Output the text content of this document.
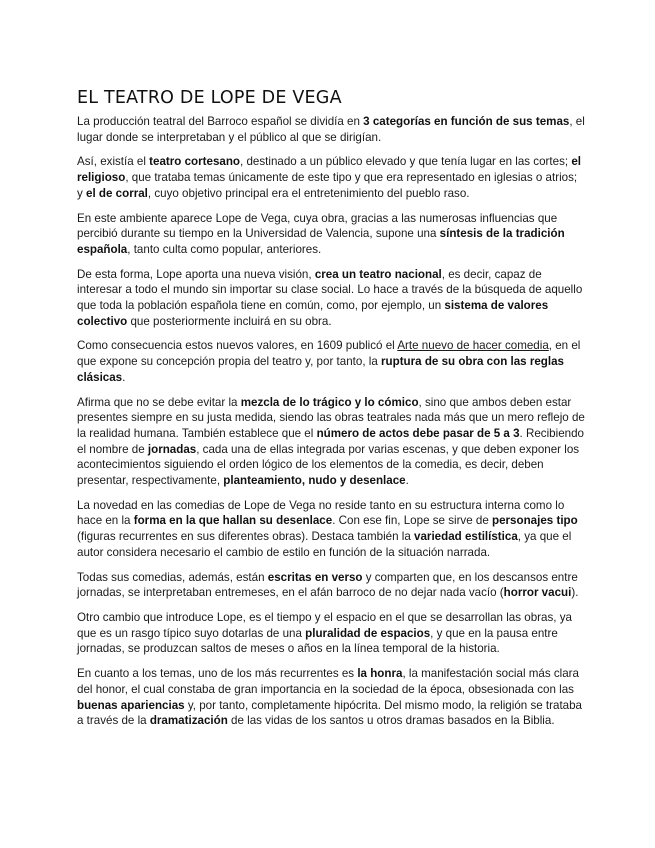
EL TEATRO DE LOPE DE VEGA

La producción teatral del Barroco español se dividía en 3 categorías en función de sus temas, el lugar donde se interpretaban y el público al que se dirigían.

Así, existía el teatro cortesano, destinado a un público elevado y que tenía lugar en las cortes; el religioso, que trataba temas únicamente de este tipo y que era representado en iglesias o atrios; y el de corral, cuyo objetivo principal era el entretenimiento del pueblo raso.

En este ambiente aparece Lope de Vega, cuya obra, gracias a las numerosas influencias que percibió durante su tiempo en la Universidad de Valencia, supone una síntesis de la tradición española, tanto culta como popular, anteriores.

De esta forma, Lope aporta una nueva visión, crea un teatro nacional, es decir, capaz de interesar a todo el mundo sin importar su clase social. Lo hace a través de la búsqueda de aquello que toda la población española tiene en común, como, por ejemplo, un sistema de valores colectivo que posteriormente incluirá en su obra.

Como consecuencia estos nuevos valores, en 1609 publicó el Arte nuevo de hacer comedia, en el que expone su concepción propia del teatro y, por tanto, la ruptura de su obra con las reglas clásicas.

Afirma que no se debe evitar la mezcla de lo trágico y lo cómico, sino que ambos deben estar presentes siempre en su justa medida, siendo las obras teatrales nada más que un mero reflejo de la realidad humana. También establece que el número de actos debe pasar de 5 a 3. Recibiendo el nombre de jornadas, cada una de ellas integrada por varias escenas, y que deben exponer los acontecimientos siguiendo el orden lógico de los elementos de la comedia, es decir, deben presentar, respectivamente, planteamiento, nudo y desenlace.

La novedad en las comedias de Lope de Vega no reside tanto en su estructura interna como lo hace en la forma en la que hallan su desenlace. Con ese fin, Lope se sirve de personajes tipo (figuras recurrentes en sus diferentes obras). Destaca también la variedad estilística, ya que el autor considera necesario el cambio de estilo en función de la situación narrada.

Todas sus comedias, además, están escritas en verso y comparten que, en los descansos entre jornadas, se interpretaban entremeses, en el afán barroco de no dejar nada vacío (horror vacui).

Otro cambio que introduce Lope, es el tiempo y el espacio en el que se desarrollan las obras, ya que es un rasgo típico suyo dotarlas de una pluralidad de espacios, y que en la pausa entre jornadas, se produzcan saltos de meses o años en la línea temporal de la historia.

En cuanto a los temas, uno de los más recurrentes es la honra, la manifestación social más clara del honor, el cual constaba de gran importancia en la sociedad de la época, obsesionada con las buenas apariencias y, por tanto, completamente hipócrita. Del mismo modo, la religión se trataba a través de la dramatización de las vidas de los santos u otros dramas basados en la Biblia.
